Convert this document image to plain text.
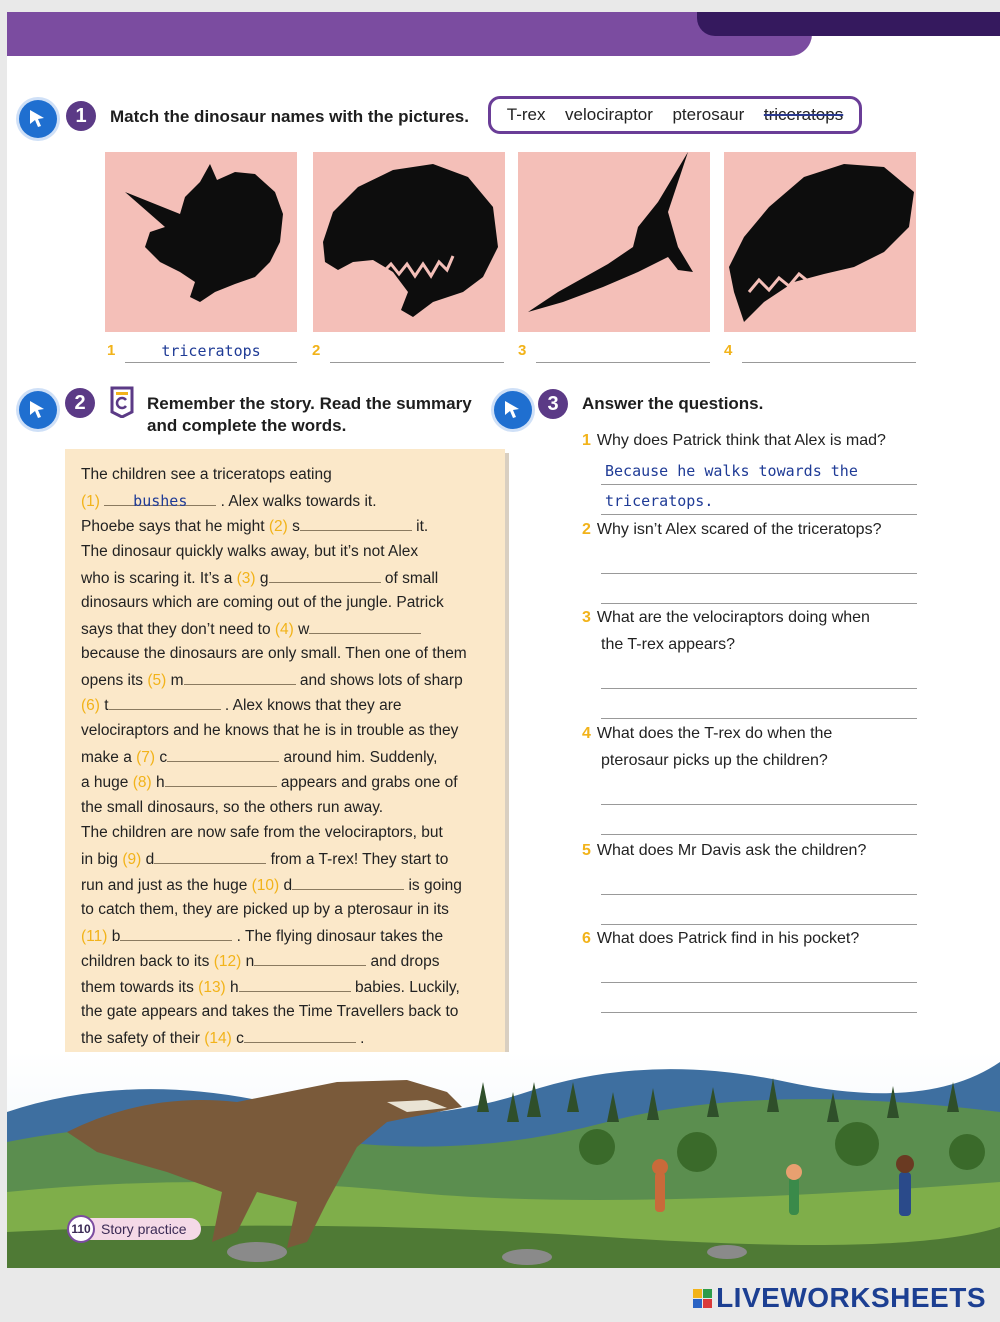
1	Match the dinosaur names with the pictures. T-rex velociraptor pterosaur triceratops
1	triceratops	2	3	4
2	Remember the story. Read the summary
and complete the words.
The children see a triceratops eating
(1) bushes . Alex walks towards it.
Phoebe says that he might (2) s	it.
The dinosaur quickly walks away, but it’s not Alex
who is scaring it. It’s a (3) g	of small
dinosaurs which are coming out of the jungle. Patrick
says that they don’t need to (4) w
because the dinosaurs are only small. Then one of them
opens its (5) m	and shows lots of sharp
(6) t	. Alex knows that they are
velociraptors and he knows that he is in trouble as they
make a (7) c	around him. Suddenly,
a huge (8) h	appears and grabs one of
the small dinosaurs, so the others run away.
The children are now safe from the velociraptors, but
in big (9) d	from a T-rex! They start to
run and just as the huge (10) d	is going
to catch them, they are picked up by a pterosaur in its
(11) b	. The flying dinosaur takes the
children back to its (12) n	and drops
them towards its (13) h	babies. Luckily,
the gate appears and takes the Time Travellers back to
the safety of their (14) c	.
3	Answer the questions.
1 Why does Patrick think that Alex is mad?
Because he walks towards the
triceratops.
2 Why isn’t Alex scared of the triceratops?
3 What are the velociraptors doing when
the T-rex appears?
4 What does the T-rex do when the
pterosaur picks up the children?
5 What does Mr Davis ask the children?
6 What does Patrick find in his pocket?
110 Story practice
LIVEWORKSHEETS
